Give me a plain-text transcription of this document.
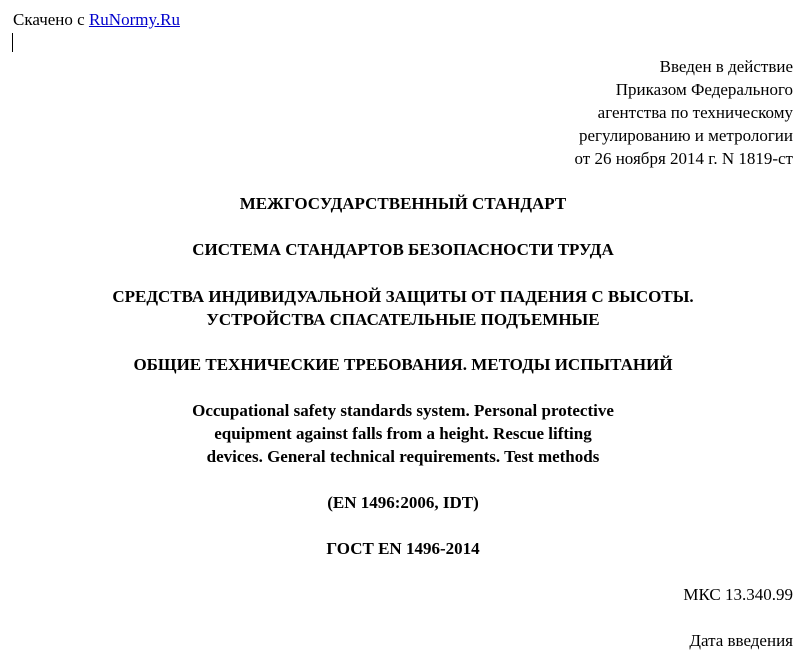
Скачено с RuNormy.Ru
Введен в действие
Приказом Федерального
агентства по техническому
регулированию и метрологии
от 26 ноября 2014 г. N 1819-ст
МЕЖГОСУДАРСТВЕННЫЙ СТАНДАРТ
СИСТЕМА СТАНДАРТОВ БЕЗОПАСНОСТИ ТРУДА
СРЕДСТВА ИНДИВИДУАЛЬНОЙ ЗАЩИТЫ ОТ ПАДЕНИЯ С ВЫСОТЫ.
УСТРОЙСТВА СПАСАТЕЛЬНЫЕ ПОДЪЕМНЫЕ
ОБЩИЕ ТЕХНИЧЕСКИЕ ТРЕБОВАНИЯ. МЕТОДЫ ИСПЫТАНИЙ
Occupational safety standards system. Personal protective
equipment against falls from a height. Rescue lifting
devices. General technical requirements. Test methods
(EN 1496:2006, IDT)
ГОСТ EN 1496-2014
МКС 13.340.99
Дата введения
